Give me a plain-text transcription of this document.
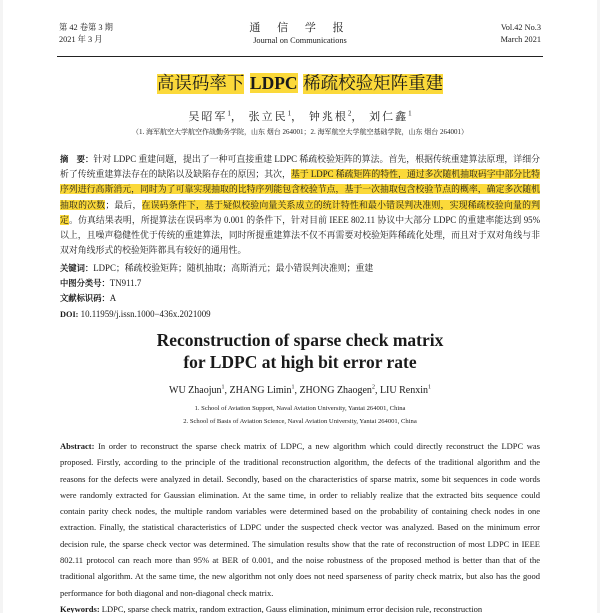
第 42 卷第 3 期
2021 年 3 月
通 信 学 报
Journal on Communications
Vol.42 No.3
March 2021
高误码率下 LDPC 稀疏校验矩阵重建
吴昭军$^1$， 张立民$^1$， 钟兆根$^2$， 刘仁鑫$^1$
（1. 海军航空大学航空作战勤务学院，山东 烟台 264001；2. 海军航空大学航空基础学院，山东 烟台 264001）
摘　要：针对 LDPC 重建问题，提出了一种可直接重建 LDPC 稀疏校验矩阵的算法。首先，根据传统重建算法原理，详细分析了传统重建算法存在的缺陷以及缺陷存在的原因；其次，基于 LDPC 稀疏矩阵的特性，通过多次随机抽取码字中部分比特序列进行高斯消元，同时为了可靠实现抽取的比特序列能包含校验节点，基于一次抽取包含校验节点的概率，确定多次随机抽取的次数；最后，在误码条件下，基于疑似校验向量关系成立的统计特性和最小错误判决准则，实现稀疏校验向量的判定。仿真结果表明，所提算法在误码率为 0.001 的条件下，针对目前 IEEE 802.11 协议中大部分 LDPC 的重建率能达到 95%以上，且噪声稳健性优于传统的重建算法，同时所提重建算法不仅不再需要对校验矩阵稀疏化处理，而且对于双对角线与非双对角线形式的校验矩阵都具有较好的通用性。
关键词：LDPC；稀疏校验矩阵；随机抽取；高斯消元；最小错误判决准则；重建
中图分类号：TN911.7
文献标识码：A
DOI: 10.11959/j.issn.1000−436x.2021009
Reconstruction of sparse check matrix
for LDPC at high bit error rate
WU Zhaojun$^1$, ZHANG Limin$^1$, ZHONG Zhaogen$^2$, LIU Renxin$^1$
1. School of Aviation Support, Naval Aviation University, Yantai 264001, China
2. School of Basis of Aviation Science, Naval Aviation University, Yantai 264001, China
Abstract: In order to reconstruct the sparse check matrix of LDPC, a new algorithm which could directly reconstruct the LDPC was proposed. Firstly, according to the principle of the traditional reconstruction algorithm, the defects of the traditional algorithm and the reasons for the defects were analyzed in detail. Secondly, based on the characteristics of sparse matrix, some bit sequences in code words were randomly extracted for Gaussian elimination. At the same time, in order to reliably realize that the extracted bits sequence could contain parity check nodes, the multiple random variables were determined based on the probability of containing check nodes in one extraction. Finally, the statistical characteristics of LDPC under the suspected check vector was analyzed. Based on the minimum error decision rule, the sparse check vector was determined. The simulation results show that the rate of reconstruction of most LDPC in IEEE 802.11 protocol can reach more than 95% at BER of 0.001, and the noise robustness of the proposed method is better than that of the traditional algorithm. At the same time, the new algorithm not only does not need sparseness of parity check matrix, but also has the good performance for both diagonal and non-diagonal check matrix.
Keywords: LDPC, sparse check matrix, random extraction, Gauss elimination, minimum error decision rule, reconstruction
